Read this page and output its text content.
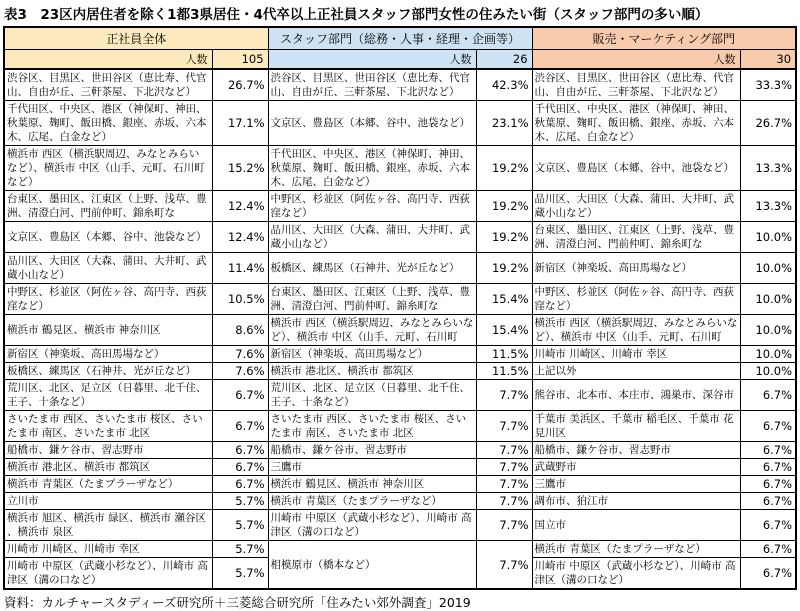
表3　23区内居住者を除く1都3県居住・4代卒以上正社員スタッフ部門女性の住みたい街（スタッフ部門の多い順）
正社員全体		スタッフ部門（総務・人事・経理・企画等）		販売・マーケティング部門	
人数	105	人数	26	人数	30
渋谷区、目黒区、世田谷区（恵比寿、代官山、自由が丘、三軒茶屋、下北沢など）	26.7%	渋谷区、目黒区、世田谷区（恵比寿、代官山、自由が丘、三軒茶屋、下北沢など）	42.3%	渋谷区、目黒区、世田谷区（恵比寿、代官山、自由が丘、三軒茶屋、下北沢など）	33.3%
千代田区、中央区、港区（神保町、神田、秋葉原、麹町、飯田橋、銀座、赤坂、六本木、広尾、白金など）	17.1%	文京区、豊島区（本郷、谷中、池袋など）	23.1%	千代田区、中央区、港区（神保町、神田、秋葉原、麹町、飯田橋、銀座、赤坂、六本木、広尾、白金など）	26.7%
横浜市 西区（横浜駅周辺、みなとみらいなど）、横浜市 中区（山手、元町、石川町など）	15.2%	千代田区、中央区、港区（神保町、神田、秋葉原、麹町、飯田橋、銀座、赤坂、六本木、広尾、白金など）	19.2%	文京区、豊島区（本郷、谷中、池袋など）	13.3%
台東区、墨田区、江東区（上野、浅草、豊洲、清澄白河、門前仲町、錦糸町な	12.4%	中野区、杉並区（阿佐ヶ谷、高円寺、西荻窪など）	19.2%	品川区、大田区（大森、蒲田、大井町、武蔵小山など）	13.3%
文京区、豊島区（本郷、谷中、池袋など）	12.4%	品川区、大田区（大森、蒲田、大井町、武蔵小山など）	19.2%	台東区、墨田区、江東区（上野、浅草、豊洲、清澄白河、門前仲町、錦糸町な	10.0%
品川区、大田区（大森、蒲田、大井町、武蔵小山など）	11.4%	板橋区、練馬区（石神井、光が丘など）	19.2%	新宿区（神楽坂、高田馬場など）	10.0%
中野区、杉並区（阿佐ヶ谷、高円寺、西荻窪など）	10.5%	台東区、墨田区、江東区（上野、浅草、豊洲、清澄白河、門前仲町、錦糸町な	15.4%	中野区、杉並区（阿佐ヶ谷、高円寺、西荻窪など）	10.0%
横浜市 鶴見区、横浜市 神奈川区	8.6%	横浜市 西区（横浜駅周辺、みなとみらいなど）、横浜市 中区（山手、元町、石川町	15.4%	横浜市 西区（横浜駅周辺、みなとみらいなど）、横浜市 中区（山手、元町、石川町	10.0%
新宿区（神楽坂、高田馬場など）	7.6%	新宿区（神楽坂、高田馬場など）	11.5%	川崎市 川崎区、川崎市 幸区	10.0%
板橋区、練馬区（石神井、光が丘など）	7.6%	横浜市 港北区、横浜市 都筑区	11.5%	上記以外	10.0%
荒川区、北区、足立区（日暮里、北千住、王子、十条など）	6.7%	荒川区、北区、足立区（日暮里、北千住、王子、十条など）	7.7%	熊谷市、北本市、本庄市、鴻巣市、深谷市	6.7%
さいたま市 西区、さいたま市 桜区、さいたま市 南区、さいたま市 北区	6.7%	さいたま市 西区、さいたま市 桜区、さいたま市 南区、さいたま市 北区	7.7%	千葉市 美浜区、千葉市 稲毛区、千葉市 花見川区	6.7%
船橋市、鎌ケ谷市、習志野市	6.7%	船橋市、鎌ケ谷市、習志野市	7.7%	船橋市、鎌ケ谷市、習志野市	6.7%
横浜市 港北区、横浜市 都筑区	6.7%	三鷹市	7.7%	武蔵野市	6.7%
横浜市 青葉区（たまプラーザなど）	6.7%	横浜市 鶴見区、横浜市 神奈川区	7.7%	三鷹市	6.7%
立川市	5.7%	横浜市 青葉区（たまプラーザなど）	7.7%	調布市、狛江市	6.7%
横浜市 旭区、横浜市 緑区、横浜市 瀬谷区、横浜市 泉区	5.7%	川崎市 中原区（武蔵小杉など）、川崎市 高津区（溝の口など）	7.7%	国立市	6.7%
川崎市 川崎区、川崎市 幸区	5.7%	相模原市（橋本など）	7.7%	横浜市 青葉区（たまプラーザなど）	6.7%
川崎市 中原区（武蔵小杉など）、川崎市 高津区（溝の口など）	5.7%			川崎市 中原区（武蔵小杉など）、川崎市 高津区（溝の口など）	6.7%
資料：カルチャースタディーズ研究所＋三菱総合研究所「住みたい郊外調査」2019
